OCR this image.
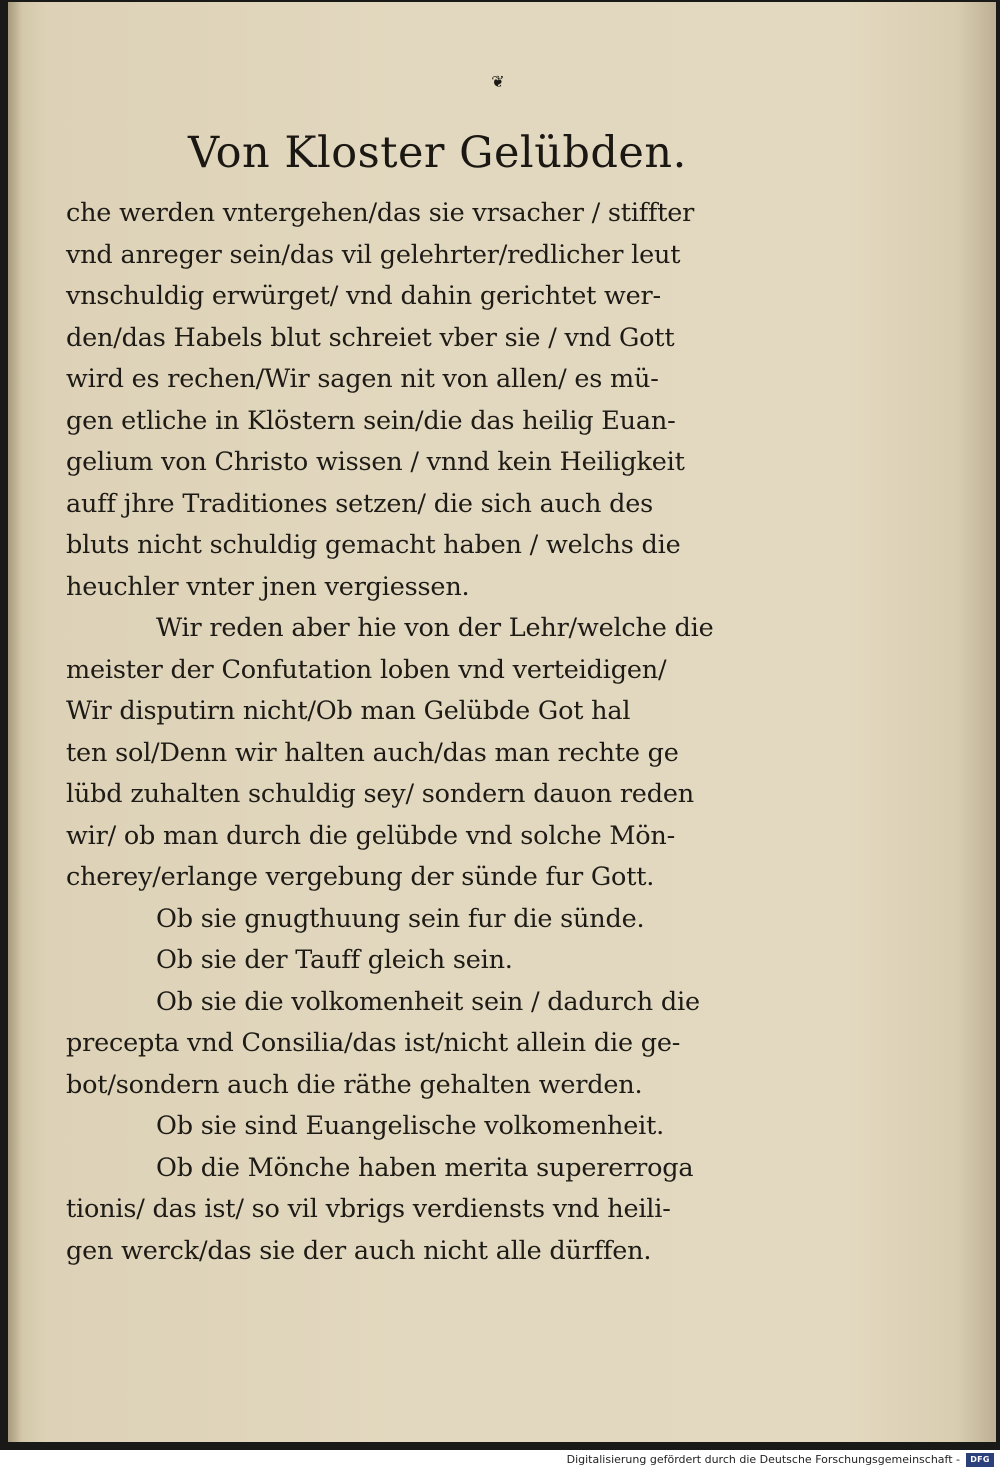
❦
Von Kloster Gelübden.
che werden vntergehen/das sie vrsacher / stiffter
vnd anreger sein/das vil gelehrter/redlicher leut
vnschuldig erwürget/ vnd dahin gerichtet wer-
den/das Habels blut schreiet vber sie / vnd Gott
wird es rechen/Wir sagen nit von allen/ es mü-
gen etliche in Klöstern sein/die das heilig Euan-
gelium von Christo wissen / vnnd kein Heiligkeit
auff jhre Traditiones setzen/ die sich auch des
bluts nicht schuldig gemacht haben / welchs die
heuchler vnter jnen vergiessen.
Wir reden aber hie von der Lehr/welche die
meister der Confutation loben vnd verteidigen/
Wir disputirn nicht/Ob man Gelübde Got hal
ten sol/Denn wir halten auch/das man rechte ge
lübd zuhalten schuldig sey/ sondern dauon reden
wir/ ob man durch die gelübde vnd solche Mön-
cherey/erlange vergebung der sünde fur Gott.
Ob sie gnugthuung sein fur die sünde.
Ob sie der Tauff gleich sein.
Ob sie die volkomenheit sein / dadurch die
precepta vnd Consilia/das ist/nicht allein die ge-
bot/sondern auch die räthe gehalten werden.
Ob sie sind Euangelische volkomenheit.
Ob die Mönche haben merita supererroga
tionis/ das ist/ so vil vbrigs verdiensts vnd heili-
gen werck/das sie der auch nicht alle dürffen.
Digitalisierung gefördert durch die Deutsche Forschungsgemeinschaft -	DFG
